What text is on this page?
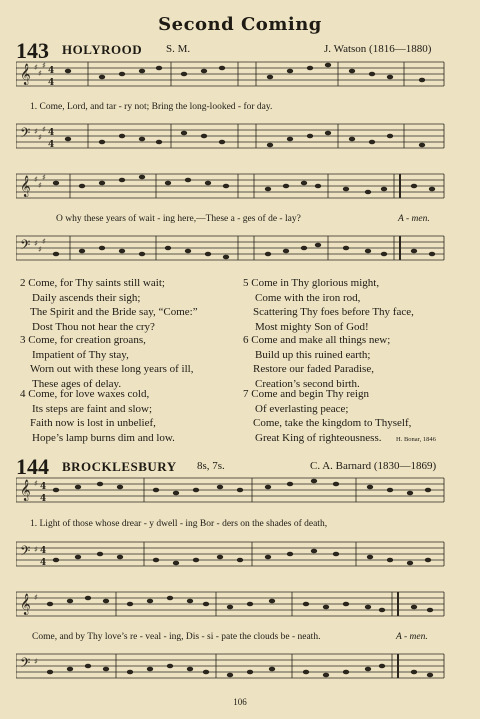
Second Coming
143 HOLYROOD S. M.	J. Watson (1816—1880)
𝄞 ♯
♯
♯
4
4
1. Come, Lord, and tar - ry not; Bring the long-looked - for day.
𝄢 ♯
♯
♯ 4
4
𝄞 ♯
♯
♯
O why these years of wait - ing here,—These a - ges of de - lay?	A - men.
𝄢 ♯
♯
♯
2 Come, for Thy saints still wait;
Daily ascends their sigh;
The Spirit and the Bride say, “Come:”
Dost Thou not hear the cry?
3 Come, for creation groans,
Impatient of Thy stay,
Worn out with these long years of ill,
These ages of delay.
4 Come, for love waxes cold,
Its steps are faint and slow;
Faith now is lost in unbelief,
Hope’s lamp burns dim and low.
5 Come in Thy glorious might,
Come with the iron rod,
Scattering Thy foes before Thy face,
Most mighty Son of God!
6 Come and make all things new;
Build up this ruined earth;
Restore our faded Paradise,
Creation’s second birth.
7 Come and begin Thy reign
Of everlasting peace;
Come, take the kingdom to Thyself,
Great King of righteousness.	H. Bonar, 1846
144 BROCKLESBURY 8s, 7s.	C. A. Barnard (1830—1869)
𝄞 ♯ 4
4
1. Light of those whose drear - y dwell - ing Bor - ders on the shades of death,
𝄢 ♯ 4
4
𝄞 ♯
Come, and by Thy love’s re - veal - ing, Dis - si - pate the clouds be - neath.	A - men.
𝄢 ♯
106
